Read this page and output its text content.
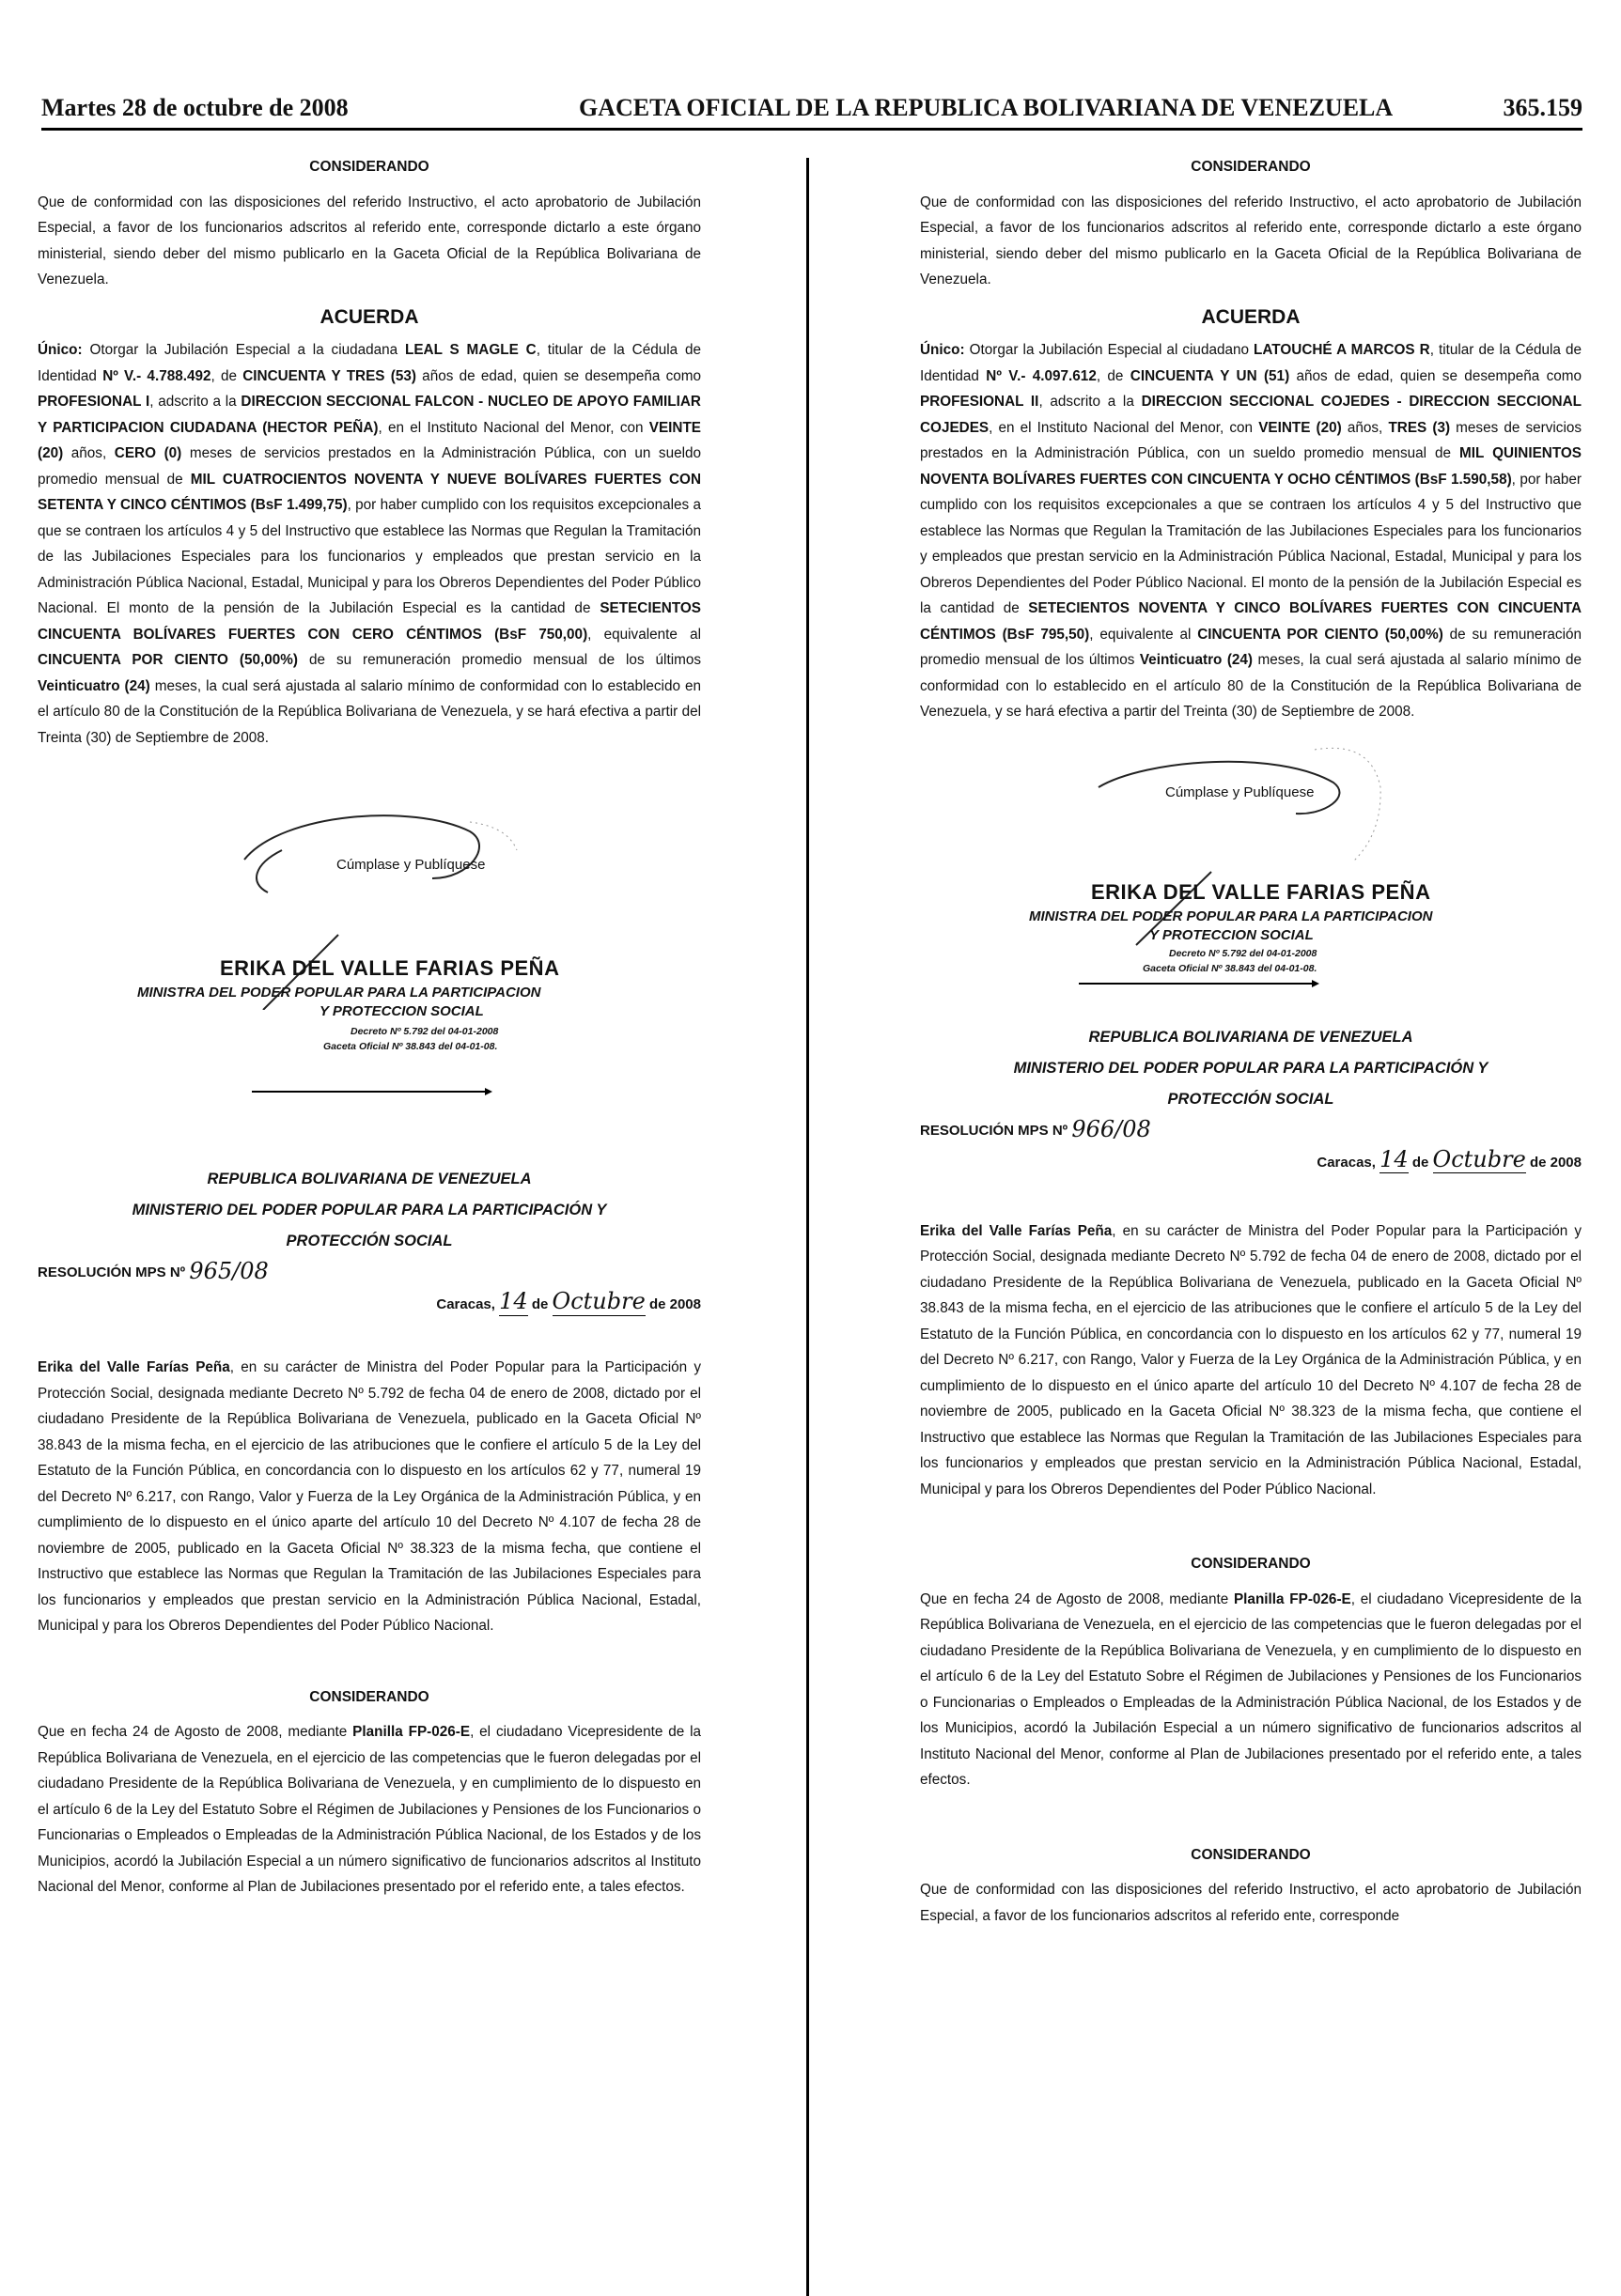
Martes 28 de octubre de 2008	GACETA OFICIAL DE LA REPUBLICA BOLIVARIANA DE VENEZUELA	365.159
CONSIDERANDO

Que de conformidad con las disposiciones del referido Instructivo, el acto aprobatorio de Jubilación Especial, a favor de los funcionarios adscritos al referido ente, corresponde dictarlo a este órgano ministerial, siendo deber del mismo publicarlo en la Gaceta Oficial de la República Bolivariana de Venezuela.

ACUERDA

Único: Otorgar la Jubilación Especial a la ciudadana LEAL S MAGLE C, titular de la Cédula de Identidad Nº V.- 4.788.492, de CINCUENTA Y TRES (53) años de edad, quien se desempeña como PROFESIONAL I, adscrito a la DIRECCION SECCIONAL FALCON - NUCLEO DE APOYO FAMILIAR Y PARTICIPACION CIUDADANA (HECTOR PEÑA), en el Instituto Nacional del Menor, con VEINTE (20) años, CERO (0) meses de servicios prestados en la Administración Pública, con un sueldo promedio mensual de MIL CUATROCIENTOS NOVENTA Y NUEVE BOLÍVARES FUERTES CON SETENTA Y CINCO CÉNTIMOS (BsF 1.499,75), por haber cumplido con los requisitos excepcionales a que se contraen los artículos 4 y 5 del Instructivo que establece las Normas que Regulan la Tramitación de las Jubilaciones Especiales para los funcionarios y empleados que prestan servicio en la Administración Pública Nacional, Estadal, Municipal y para los Obreros Dependientes del Poder Público Nacional. El monto de la pensión de la Jubilación Especial es la cantidad de SETECIENTOS CINCUENTA BOLÍVARES FUERTES CON CERO CÉNTIMOS (BsF 750,00), equivalente al CINCUENTA POR CIENTO (50,00%) de su remuneración promedio mensual de los últimos Veinticuatro (24) meses, la cual será ajustada al salario mínimo de conformidad con lo establecido en el artículo 80 de la Constitución de la República Bolivariana de Venezuela, y se hará efectiva a partir del Treinta (30) de Septiembre de 2008.

Cúmplase y Publíquese
ERIKA DEL VALLE FARIAS PEÑA
MINISTRA DEL PODER POPULAR PARA LA PARTICIPACION
Y PROTECCION SOCIAL
Decreto Nº 5.792 del 04-01-2008
Gaceta Oficial Nº 38.843 del 04-01-08.
REPUBLICA BOLIVARIANA DE VENEZUELA
MINISTERIO DEL PODER POPULAR PARA LA PARTICIPACIÓN Y
PROTECCIÓN SOCIAL
RESOLUCIÓN MPS Nº 965/08
Caracas, 14 de Octubre de 2008

Erika del Valle Farías Peña, en su carácter de Ministra del Poder Popular para la Participación y Protección Social, designada mediante Decreto Nº 5.792 de fecha 04 de enero de 2008, dictado por el ciudadano Presidente de la República Bolivariana de Venezuela, publicado en la Gaceta Oficial Nº 38.843 de la misma fecha, en el ejercicio de las atribuciones que le confiere el artículo 5 de la Ley del Estatuto de la Función Pública, en concordancia con lo dispuesto en los artículos 62 y 77, numeral 19 del Decreto Nº 6.217, con Rango, Valor y Fuerza de la Ley Orgánica de la Administración Pública, y en cumplimiento de lo dispuesto en el único aparte del artículo 10 del Decreto Nº 4.107 de fecha 28 de noviembre de 2005, publicado en la Gaceta Oficial Nº 38.323 de la misma fecha, que contiene el Instructivo que establece las Normas que Regulan la Tramitación de las Jubilaciones Especiales para los funcionarios y empleados que prestan servicio en la Administración Pública Nacional, Estadal, Municipal y para los Obreros Dependientes del Poder Público Nacional.

CONSIDERANDO

Que en fecha 24 de Agosto de 2008, mediante Planilla FP-026-E, el ciudadano Vicepresidente de la República Bolivariana de Venezuela, en el ejercicio de las competencias que le fueron delegadas por el ciudadano Presidente de la República Bolivariana de Venezuela, y en cumplimiento de lo dispuesto en el artículo 6 de la Ley del Estatuto Sobre el Régimen de Jubilaciones y Pensiones de los Funcionarios o Funcionarias o Empleados o Empleadas de la Administración Pública Nacional, de los Estados y de los Municipios, acordó la Jubilación Especial a un número significativo de funcionarios adscritos al Instituto Nacional del Menor, conforme al Plan de Jubilaciones presentado por el referido ente, a tales efectos.

CONSIDERANDO

Que de conformidad con las disposiciones del referido Instructivo, el acto aprobatorio de Jubilación Especial, a favor de los funcionarios adscritos al referido ente, corresponde dictarlo a este órgano ministerial, siendo deber del mismo publicarlo en la Gaceta Oficial de la República Bolivariana de Venezuela.

ACUERDA

Único: Otorgar la Jubilación Especial al ciudadano LATOUCHÉ A MARCOS R, titular de la Cédula de Identidad Nº V.- 4.097.612, de CINCUENTA Y UN (51) años de edad, quien se desempeña como PROFESIONAL II, adscrito a la DIRECCION SECCIONAL COJEDES - DIRECCION SECCIONAL COJEDES, en el Instituto Nacional del Menor, con VEINTE (20) años, TRES (3) meses de servicios prestados en la Administración Pública, con un sueldo promedio mensual de MIL QUINIENTOS NOVENTA BOLÍVARES FUERTES CON CINCUENTA Y OCHO CÉNTIMOS (BsF 1.590,58), por haber cumplido con los requisitos excepcionales a que se contraen los artículos 4 y 5 del Instructivo que establece las Normas que Regulan la Tramitación de las Jubilaciones Especiales para los funcionarios y empleados que prestan servicio en la Administración Pública Nacional, Estadal, Municipal y para los Obreros Dependientes del Poder Público Nacional. El monto de la pensión de la Jubilación Especial es la cantidad de SETECIENTOS NOVENTA Y CINCO BOLÍVARES FUERTES CON CINCUENTA CÉNTIMOS (BsF 795,50), equivalente al CINCUENTA POR CIENTO (50,00%) de su remuneración promedio mensual de los últimos Veinticuatro (24) meses, la cual será ajustada al salario mínimo de conformidad con lo establecido en el artículo 80 de la Constitución de la República Bolivariana de Venezuela, y se hará efectiva a partir del Treinta (30) de Septiembre de 2008.

Cúmplase y Publíquese
ERIKA DEL VALLE FARIAS PEÑA
MINISTRA DEL PODER POPULAR PARA LA PARTICIPACION
Y PROTECCION SOCIAL
Decreto Nº 5.792 del 04-01-2008
Gaceta Oficial Nº 38.843 del 04-01-08.
REPUBLICA BOLIVARIANA DE VENEZUELA
MINISTERIO DEL PODER POPULAR PARA LA PARTICIPACIÓN Y
PROTECCIÓN SOCIAL
RESOLUCIÓN MPS Nº 966/08
Caracas, 14 de Octubre de 2008

Erika del Valle Farías Peña, en su carácter de Ministra del Poder Popular para la Participación y Protección Social, designada mediante Decreto Nº 5.792 de fecha 04 de enero de 2008, dictado por el ciudadano Presidente de la República Bolivariana de Venezuela, publicado en la Gaceta Oficial Nº 38.843 de la misma fecha, en el ejercicio de las atribuciones que le confiere el artículo 5 de la Ley del Estatuto de la Función Pública, en concordancia con lo dispuesto en los artículos 62 y 77, numeral 19 del Decreto Nº 6.217, con Rango, Valor y Fuerza de la Ley Orgánica de la Administración Pública, y en cumplimiento de lo dispuesto en el único aparte del artículo 10 del Decreto Nº 4.107 de fecha 28 de noviembre de 2005, publicado en la Gaceta Oficial Nº 38.323 de la misma fecha, que contiene el Instructivo que establece las Normas que Regulan la Tramitación de las Jubilaciones Especiales para los funcionarios y empleados que prestan servicio en la Administración Pública Nacional, Estadal, Municipal y para los Obreros Dependientes del Poder Público Nacional.

CONSIDERANDO

Que en fecha 24 de Agosto de 2008, mediante Planilla FP-026-E, el ciudadano Vicepresidente de la República Bolivariana de Venezuela, en el ejercicio de las competencias que le fueron delegadas por el ciudadano Presidente de la República Bolivariana de Venezuela, y en cumplimiento de lo dispuesto en el artículo 6 de la Ley del Estatuto Sobre el Régimen de Jubilaciones y Pensiones de los Funcionarios o Funcionarias o Empleados o Empleadas de la Administración Pública Nacional, de los Estados y de los Municipios, acordó la Jubilación Especial a un número significativo de funcionarios adscritos al Instituto Nacional del Menor, conforme al Plan de Jubilaciones presentado por el referido ente, a tales efectos.

CONSIDERANDO

Que de conformidad con las disposiciones del referido Instructivo, el acto aprobatorio de Jubilación Especial, a favor de los funcionarios adscritos al referido ente, corresponde
